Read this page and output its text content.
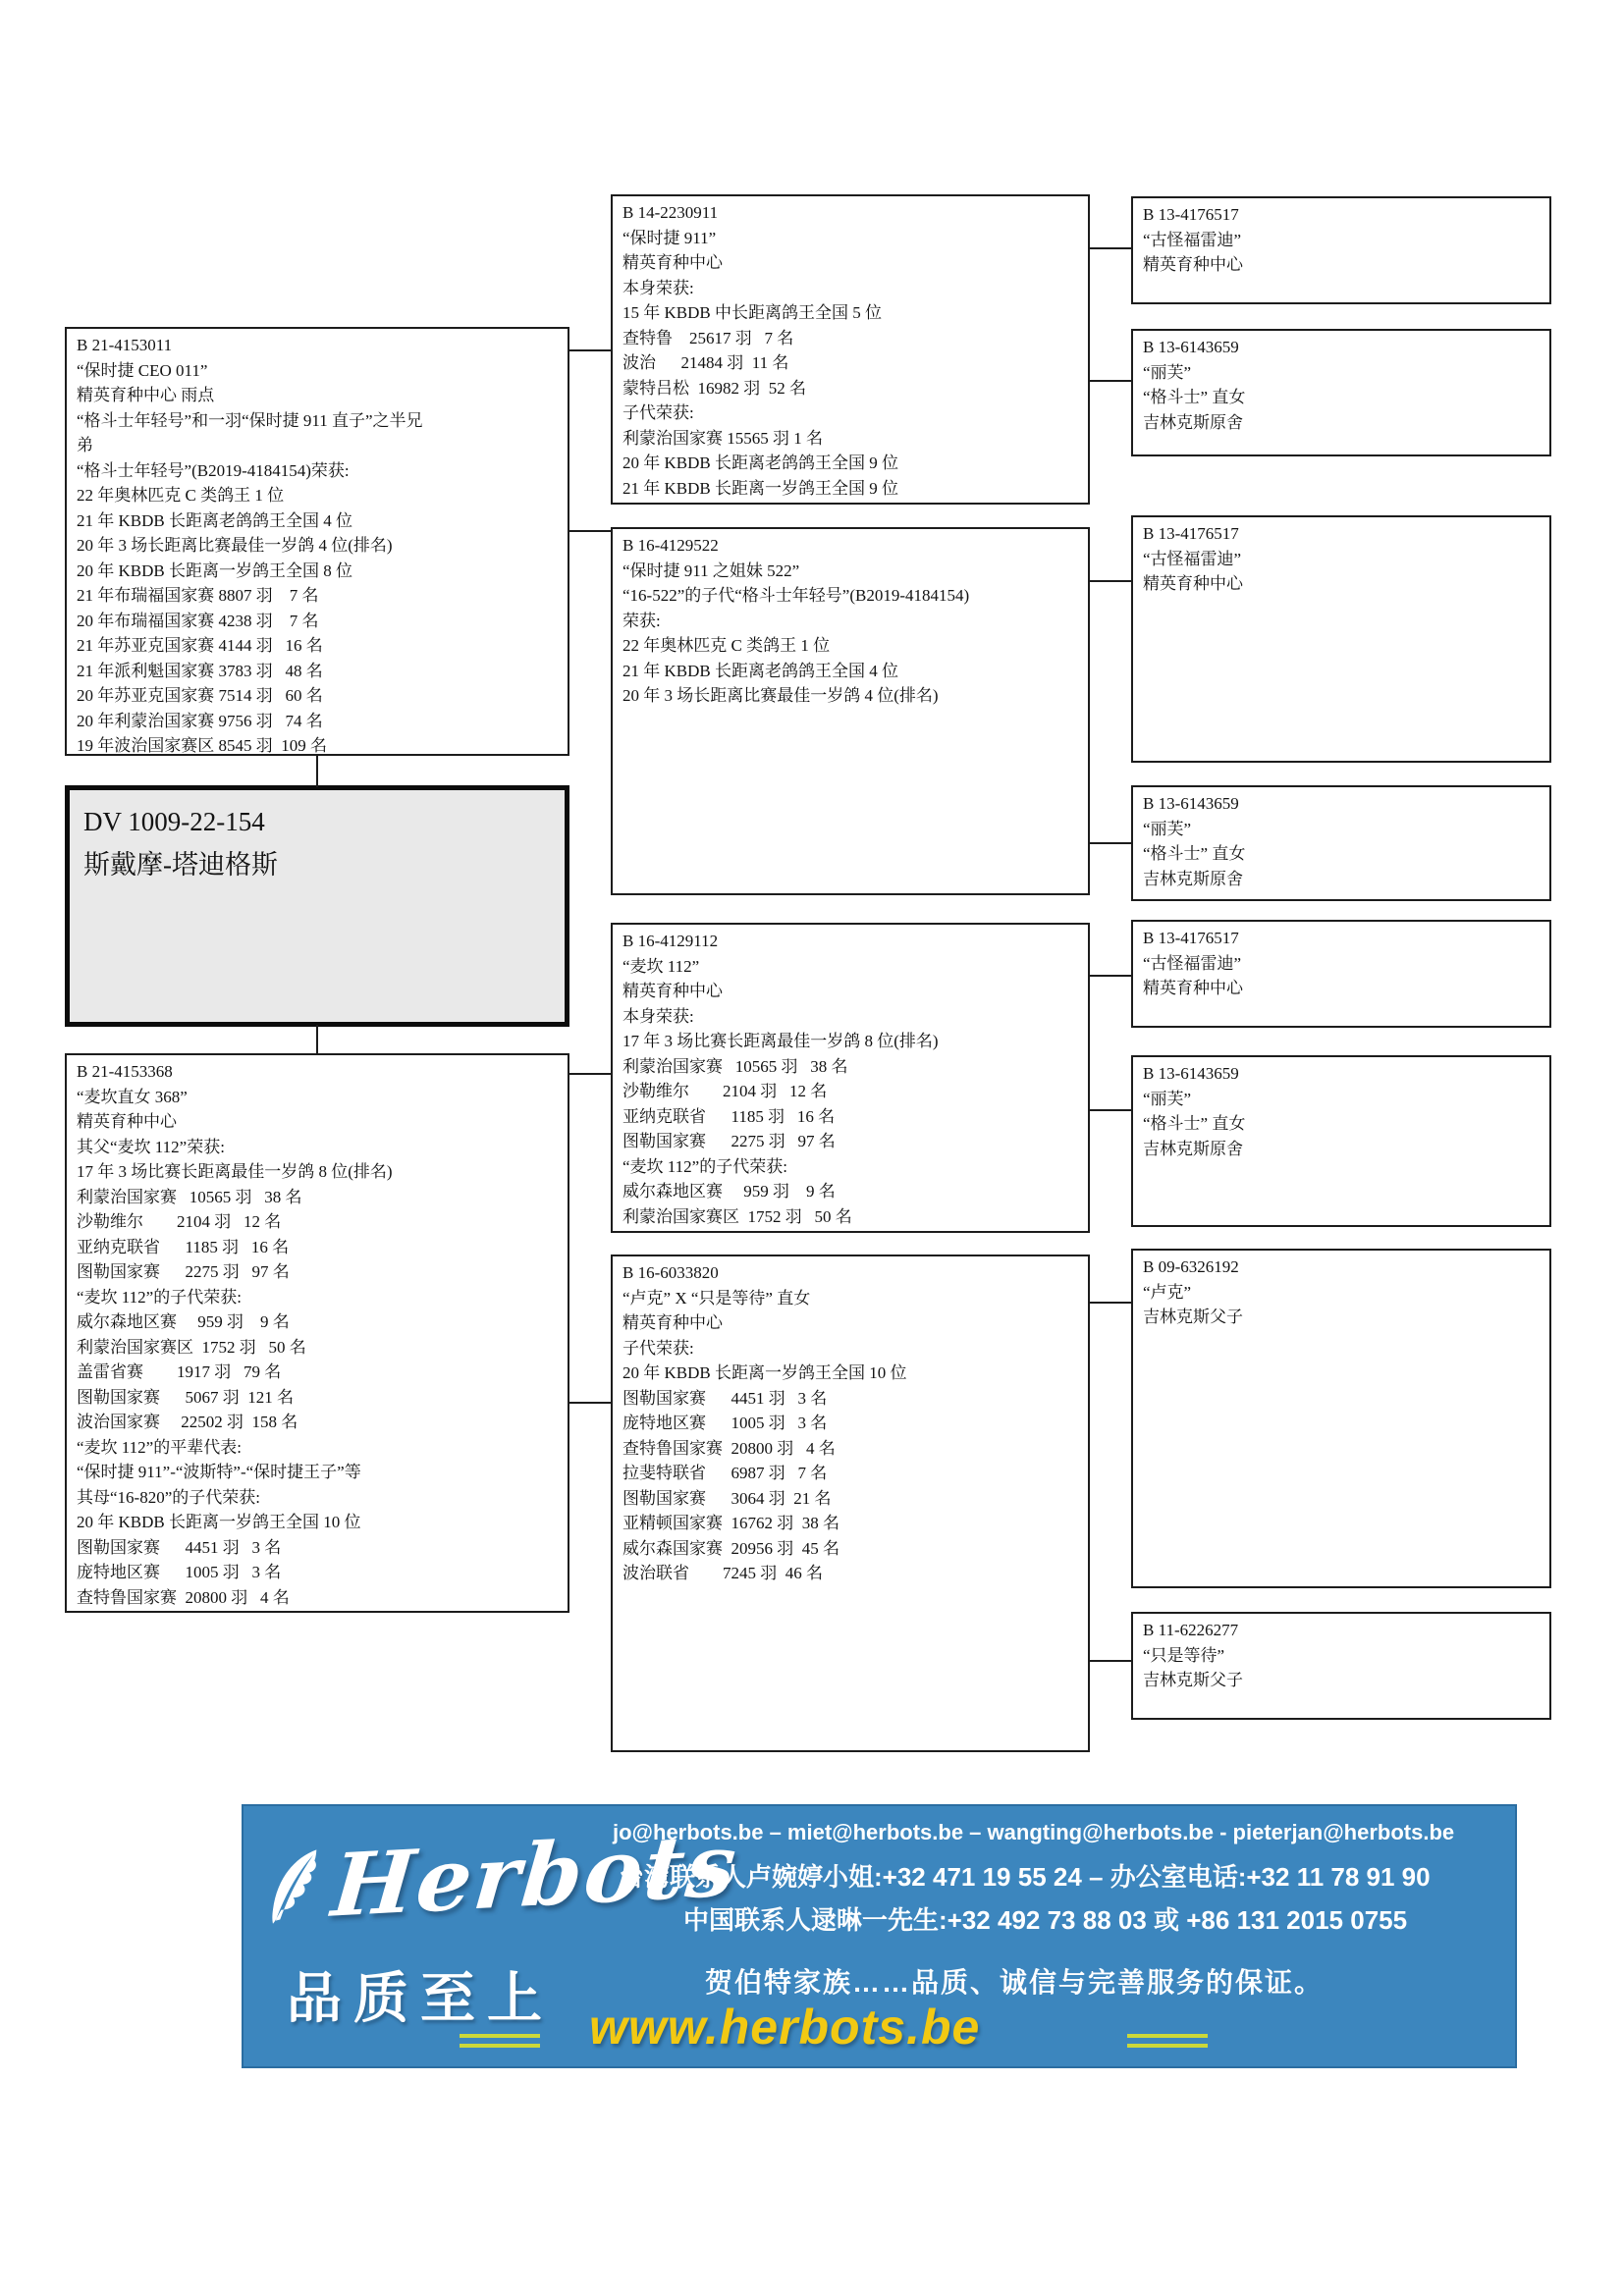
B 21-4153011
“保时捷 CEO 011”
精英育种中心 雨点
“格斗士年轻号”和一羽“保时捷 911 直子”之半兄
弟
“格斗士年轻号”(B2019-4184154)荣获:
22 年奥林匹克 C 类鸽王 1 位
21 年 KBDB 长距离老鸽鸽王全国 4 位
20 年 3 场长距离比赛最佳一岁鸽 4 位(排名)
20 年 KBDB 长距离一岁鸽王全国 8 位
21 年布瑞福国家赛 8807 羽    7 名
20 年布瑞福国家赛 4238 羽    7 名
21 年苏亚克国家赛 4144 羽   16 名
21 年派利魁国家赛 3783 羽   48 名
20 年苏亚克国家赛 7514 羽   60 名
20 年利蒙治国家赛 9756 羽   74 名
19 年波治国家赛区 8545 羽  109 名
DV 1009-22-154
斯戴摩-塔迪格斯
B 21-4153368
“麦坎直女 368”
精英育种中心
其父“麦坎 112”荣获:
17 年 3 场比赛长距离最佳一岁鸽 8 位(排名)
利蒙治国家赛   10565 羽   38 名
沙勒维尔        2104 羽   12 名
亚纳克联省      1185 羽   16 名
图勒国家赛      2275 羽   97 名
“麦坎 112”的子代荣获:
威尔森地区赛     959 羽    9 名
利蒙治国家赛区  1752 羽   50 名
盖雷省赛        1917 羽   79 名
图勒国家赛      5067 羽  121 名
波治国家赛     22502 羽  158 名
“麦坎 112”的平辈代表:
“保时捷 911”-“波斯特”-“保时捷王子”等
其母“16-820”的子代荣获:
20 年 KBDB 长距离一岁鸽王全国 10 位
图勒国家赛      4451 羽   3 名
庞特地区赛      1005 羽   3 名
查特鲁国家赛  20800 羽   4 名
B 14-2230911
“保时捷 911”
精英育种中心
本身荣获:
15 年 KBDB 中长距离鸽王全国 5 位
查特鲁    25617 羽   7 名
波治      21484 羽  11 名
蒙特吕松  16982 羽  52 名
子代荣获:
利蒙治国家赛 15565 羽 1 名
20 年 KBDB 长距离老鸽鸽王全国 9 位
21 年 KBDB 长距离一岁鸽王全国 9 位
B 16-4129522
“保时捷 911 之姐妹 522”
“16-522”的子代“格斗士年轻号”(B2019-4184154)
荣获:
22 年奥林匹克 C 类鸽王 1 位
21 年 KBDB 长距离老鸽鸽王全国 4 位
20 年 3 场长距离比赛最佳一岁鸽 4 位(排名)
B 16-4129112
“麦坎 112”
精英育种中心
本身荣获:
17 年 3 场比赛长距离最佳一岁鸽 8 位(排名)
利蒙治国家赛   10565 羽   38 名
沙勒维尔        2104 羽   12 名
亚纳克联省      1185 羽   16 名
图勒国家赛      2275 羽   97 名
“麦坎 112”的子代荣获:
威尔森地区赛     959 羽    9 名
利蒙治国家赛区  1752 羽   50 名
B 16-6033820
“卢克” X “只是等待” 直女
精英育种中心
子代荣获:
20 年 KBDB 长距离一岁鸽王全国 10 位
图勒国家赛      4451 羽   3 名
庞特地区赛      1005 羽   3 名
查特鲁国家赛  20800 羽   4 名
拉斐特联省      6987 羽   7 名
图勒国家赛      3064 羽  21 名
亚精顿国家赛  16762 羽  38 名
威尔森国家赛  20956 羽  45 名
波治联省        7245 羽  46 名
B 13-4176517
“古怪福雷迪”
精英育种中心
B 13-6143659
“丽芙”
“格斗士” 直女
吉林克斯原舍
B 13-4176517
“古怪福雷迪”
精英育种中心
B 13-6143659
“丽芙”
“格斗士” 直女
吉林克斯原舍
B 13-4176517
“古怪福雷迪”
精英育种中心
B 13-6143659
“丽芙”
“格斗士” 直女
吉林克斯原舍
B 09-6326192
“卢克”
吉林克斯父子
B 11-6226277
“只是等待”
吉林克斯父子
Herbots
品质至上
jo@herbots.be – miet@herbots.be – wangting@herbots.be - pieterjan@herbots.be
台湾联系人卢婉婷小姐:+32 471 19 55 24 – 办公室电话:+32 11 78 91 90
中国联系人逯晽一先生:+32 492 73 88 03 或 +86 131 2015 0755
贺伯特家族……品质、诚信与完善服务的保证。
www.herbots.be
